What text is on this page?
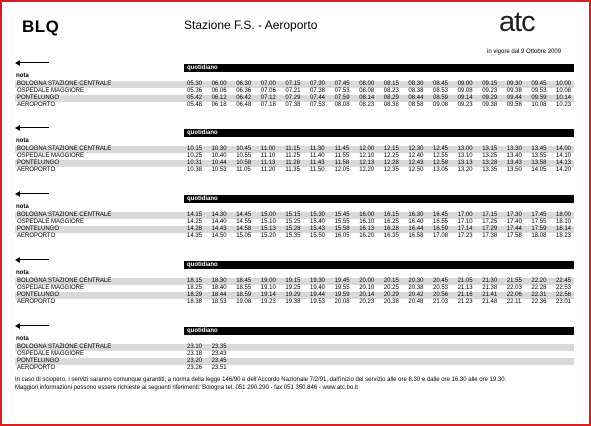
BLQ	Stazione F.S. - Aeroporto	atc
in vigore dal 9 Ottobre 2009
quotidiano
nota
BOLOGNA STAZIONE CENTRALE	05.30 06.00 06.30 07.00 07.15 07.30 07.45 08.00 08.15 08.30 08.45 09.00 09.15 09.30 09.45 10.00
OSPEDALE MAGGIORE	05.36 06.06 06.36 07.06 07.21 07.38 07.53 08.08 08.23 08.38 08.53 09.08 09.23 09.38 09.53 10.08
PONTELUNGO	05.42 06.12 06.42 07.12 07.29 07.44 07.59 08.14 08.29 08.44 08.59 09.14 09.29 09.44 09.59 10.14
AEROPORTO	05.48 06.18 06.48 07.18 07.38 07.53 08.08 08.23 08.38 08.58 09.08 09.23 09.38 09.58 10.08 10.23
quotidiano
nota
BOLOGNA STAZIONE CENTRALE	10.15 10.30 10.45 11.00 11.15 11.30 11.45 12.00 12.15 12.30 12.45 13.00 13.15 13.30 13.45 14.00
OSPEDALE MAGGIORE	10.25 10.40 10.55 11.10 11.25 11.40 11.55 12.10 12.25 12.40 12.55 13.10 13.25 13.40 13.55 14.10
PONTELUNGO	10.31 10.44 10.58 11.13 11.28 11.43 11.58 12.13 12.28 12.43 12.58 13.13 13.28 13.43 13.58 14.13
AEROPORTO	10.38 10.53 11.05 11.20 11.35 11.50 12.05 12.20 12.35 12.50 13.05 13.20 13.35 13.50 14.05 14.20
quotidiano
nota
BOLOGNA STAZIONE CENTRALE	14.15 14.30 14.45 15.00 15.15 15.30 15.45 16.00 16.15 16.30 16.45 17.00 17.15 17.30 17.45 18.00
OSPEDALE MAGGIORE	14.25 14.40 14.55 15.10 15.25 15.40 15.55 16.10 16.25 16.40 16.55 17.10 17.25 17.40 17.55 18.10
PONTELUNGO	14.28 14.43 14.58 15.13 15.28 15.43 15.58 16.13 16.28 16.44 16.59 17.14 17.29 17.44 17.59 18.14
AEROPORTO	14.35 14.50 15.05 15.20 15.35 15.50 16.05 16.20 16.35 16.58 17.08 17.23 17.38 17.58 18.08 18.23
quotidiano
nota
BOLOGNA STAZIONE CENTRALE	18.15 18.30 18.45 19.00 19.15 19.30 19.45 20.00 20.15 20.30 20.45 21.05 21.30 21.55 22.20 22.45
OSPEDALE MAGGIORE	18.25 18.40 18.55 19.10 19.25 19.40 19.55 20.10 20.25 20.38 20.53 21.13 21.38 22.03 22.28 22.53
PONTELUNGO	18.29 18.44 18.59 19.14 19.29 19.44 19.59 20.14 20.29 20.42 20.56 21.16 21.41 22.06 22.31 22.56
AEROPORTO	18.38 18.53 19.08 19.23 19.38 19.53 20.08 20.23 20.38 20.48 21.03 21.23 21.48 22.11 22.36 23.01
quotidiano
nota
BOLOGNA STAZIONE CENTRALE	23.10 23.35
OSPEDALE MAGGIORE	23.18 23.43
PONTELUNGO	23.20 23.45
AEROPORTO	23.26 23.51
In caso di sciopero, i servizi saranno comunque garantiti, a norma della legge 146/90 e dell'Accordo Nazionale 7/2/91, dall'inizio del servizio alle ore 8.30 e dalle ore 16.30 alle ore 19.30.
Maggiori informazioni possono essere richieste ai seguenti riferimenti: Bologna tel. 051 290.290 - fax 051 350.846 - www.atc.bo.it
